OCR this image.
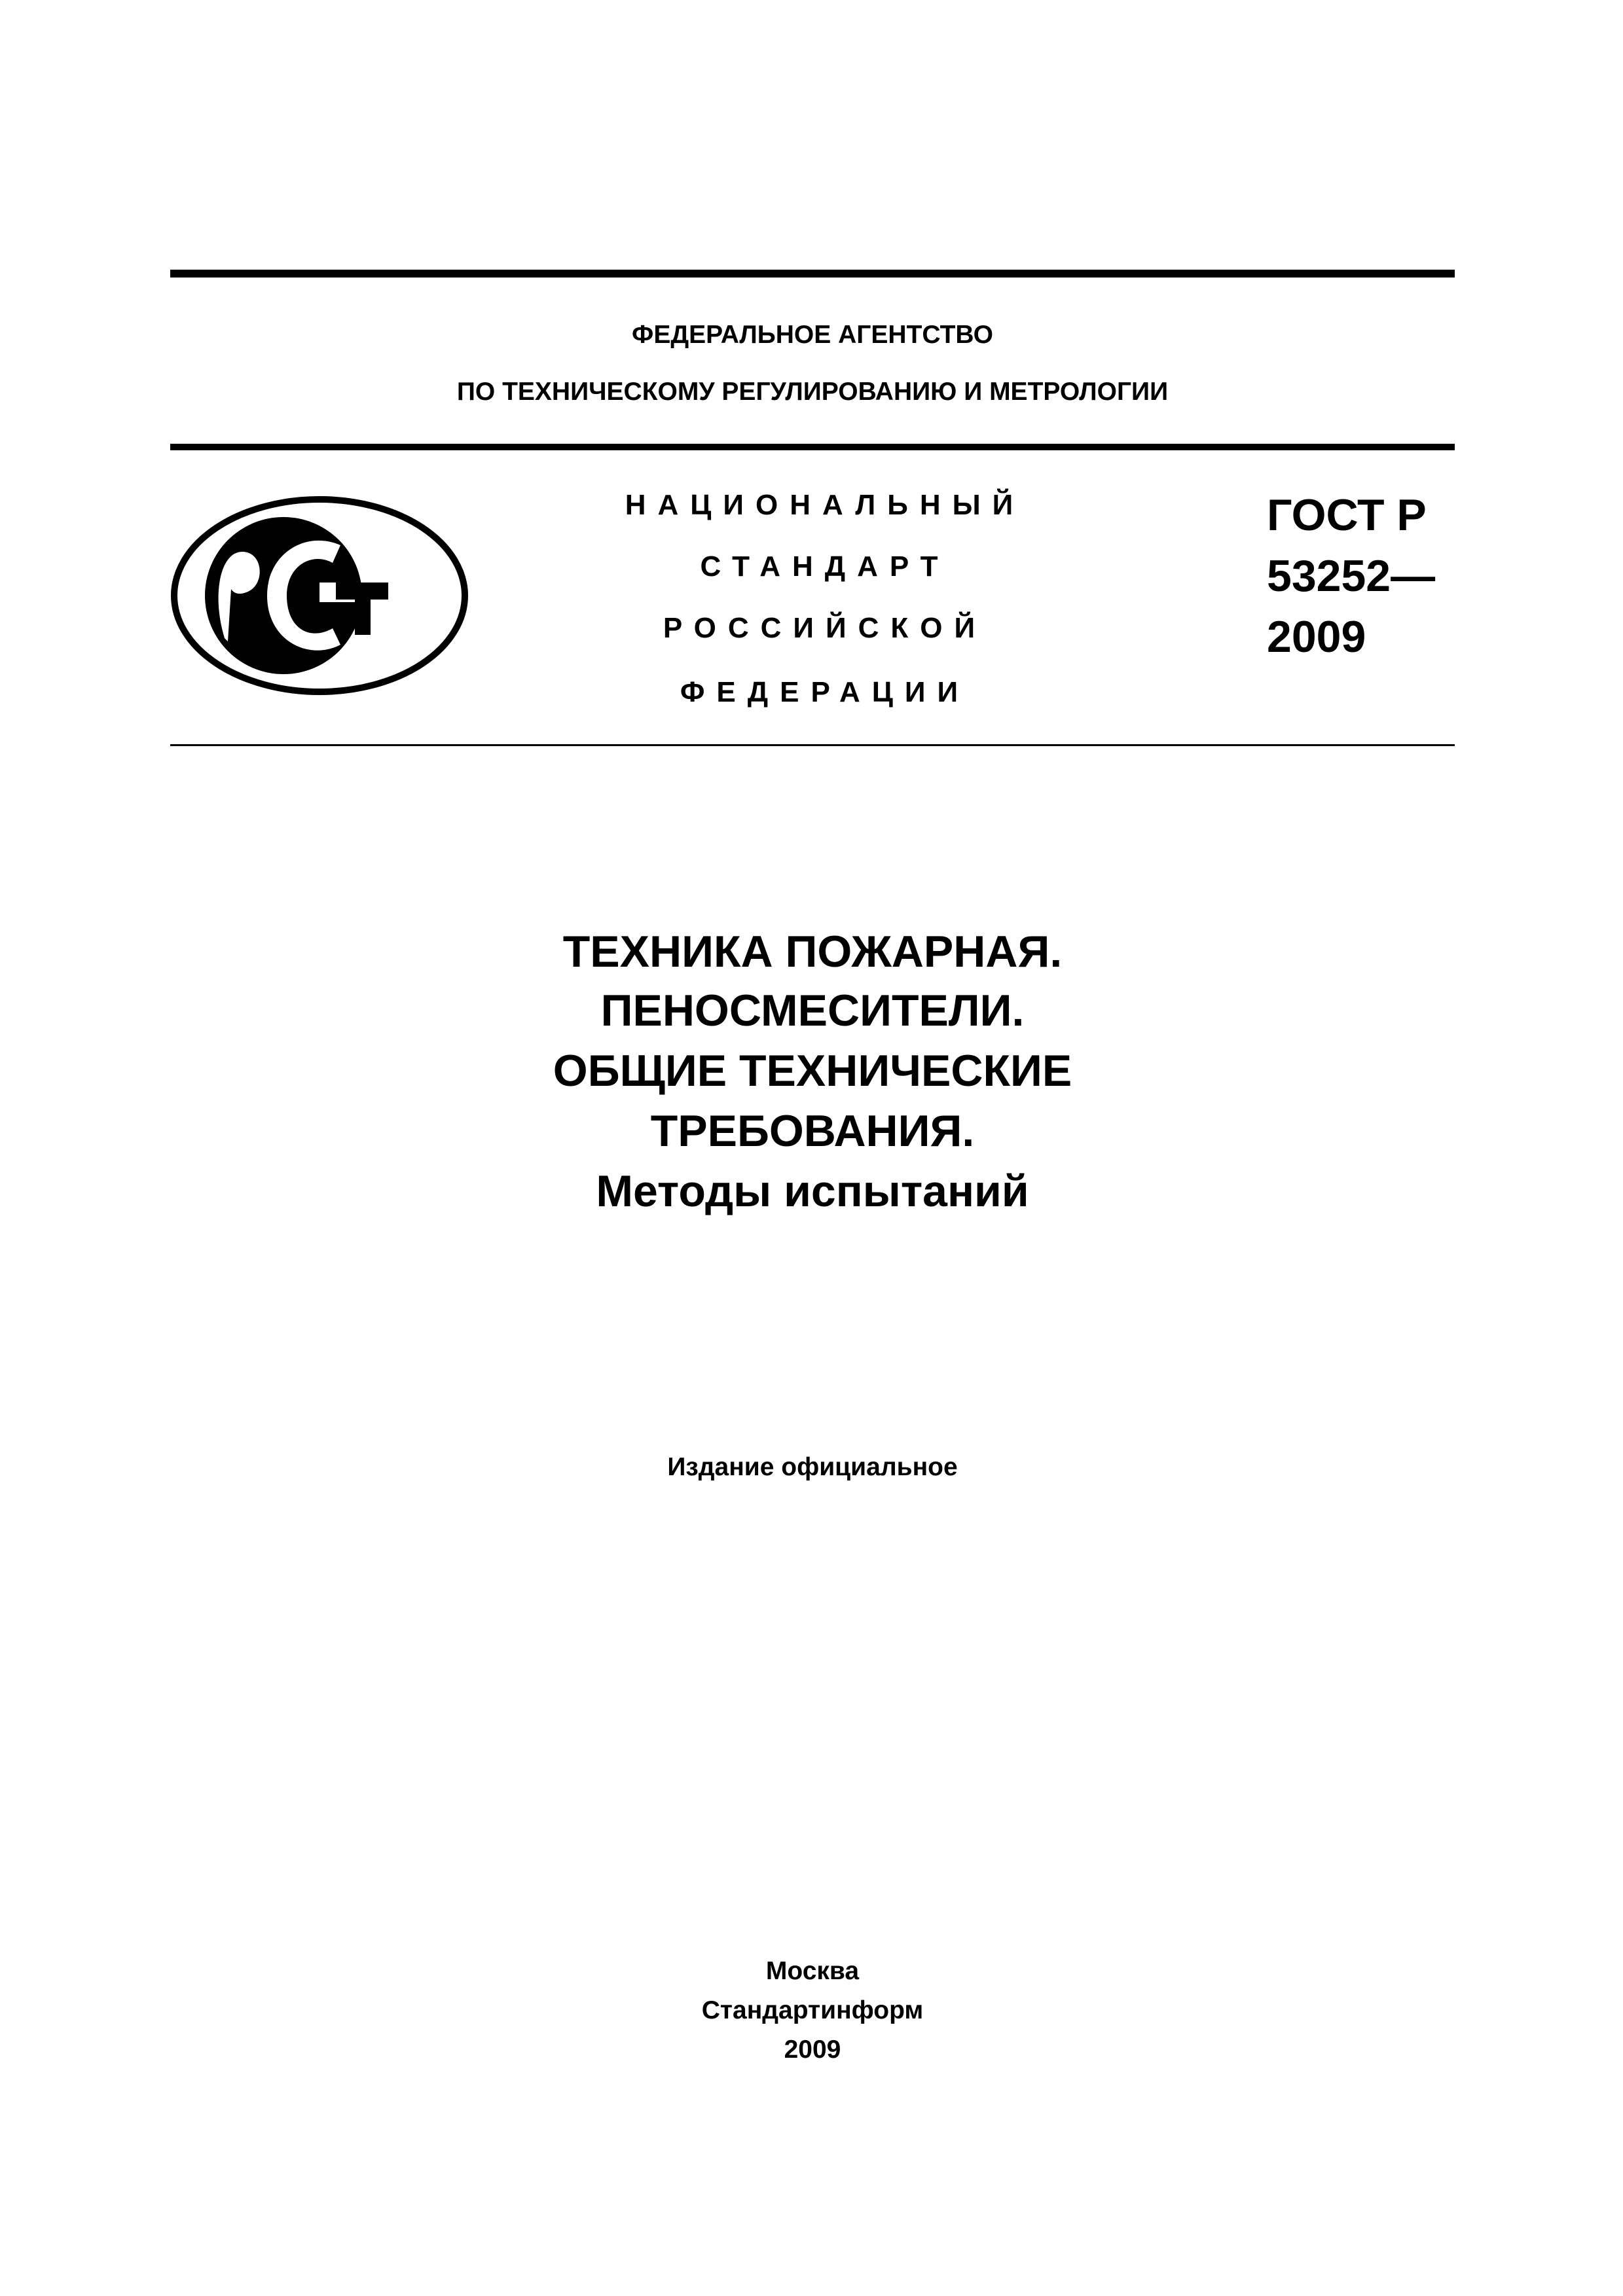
ФЕДЕРАЛЬНОЕ АГЕНТСТВО
ПО ТЕХНИЧЕСКОМУ РЕГУЛИРОВАНИЮ И МЕТРОЛОГИИ
НАЦИОНАЛЬНЫЙ
СТАНДАРТ
РОССИЙСКОЙ
ФЕДЕРАЦИИ
ГОСТ Р
53252—
2009
ТЕХНИКА ПОЖАРНАЯ.
ПЕНОСМЕСИТЕЛИ.
ОБЩИЕ ТЕХНИЧЕСКИЕ
ТРЕБОВАНИЯ.
Методы испытаний
Издание официальное
Москва
Стандартинформ
2009
